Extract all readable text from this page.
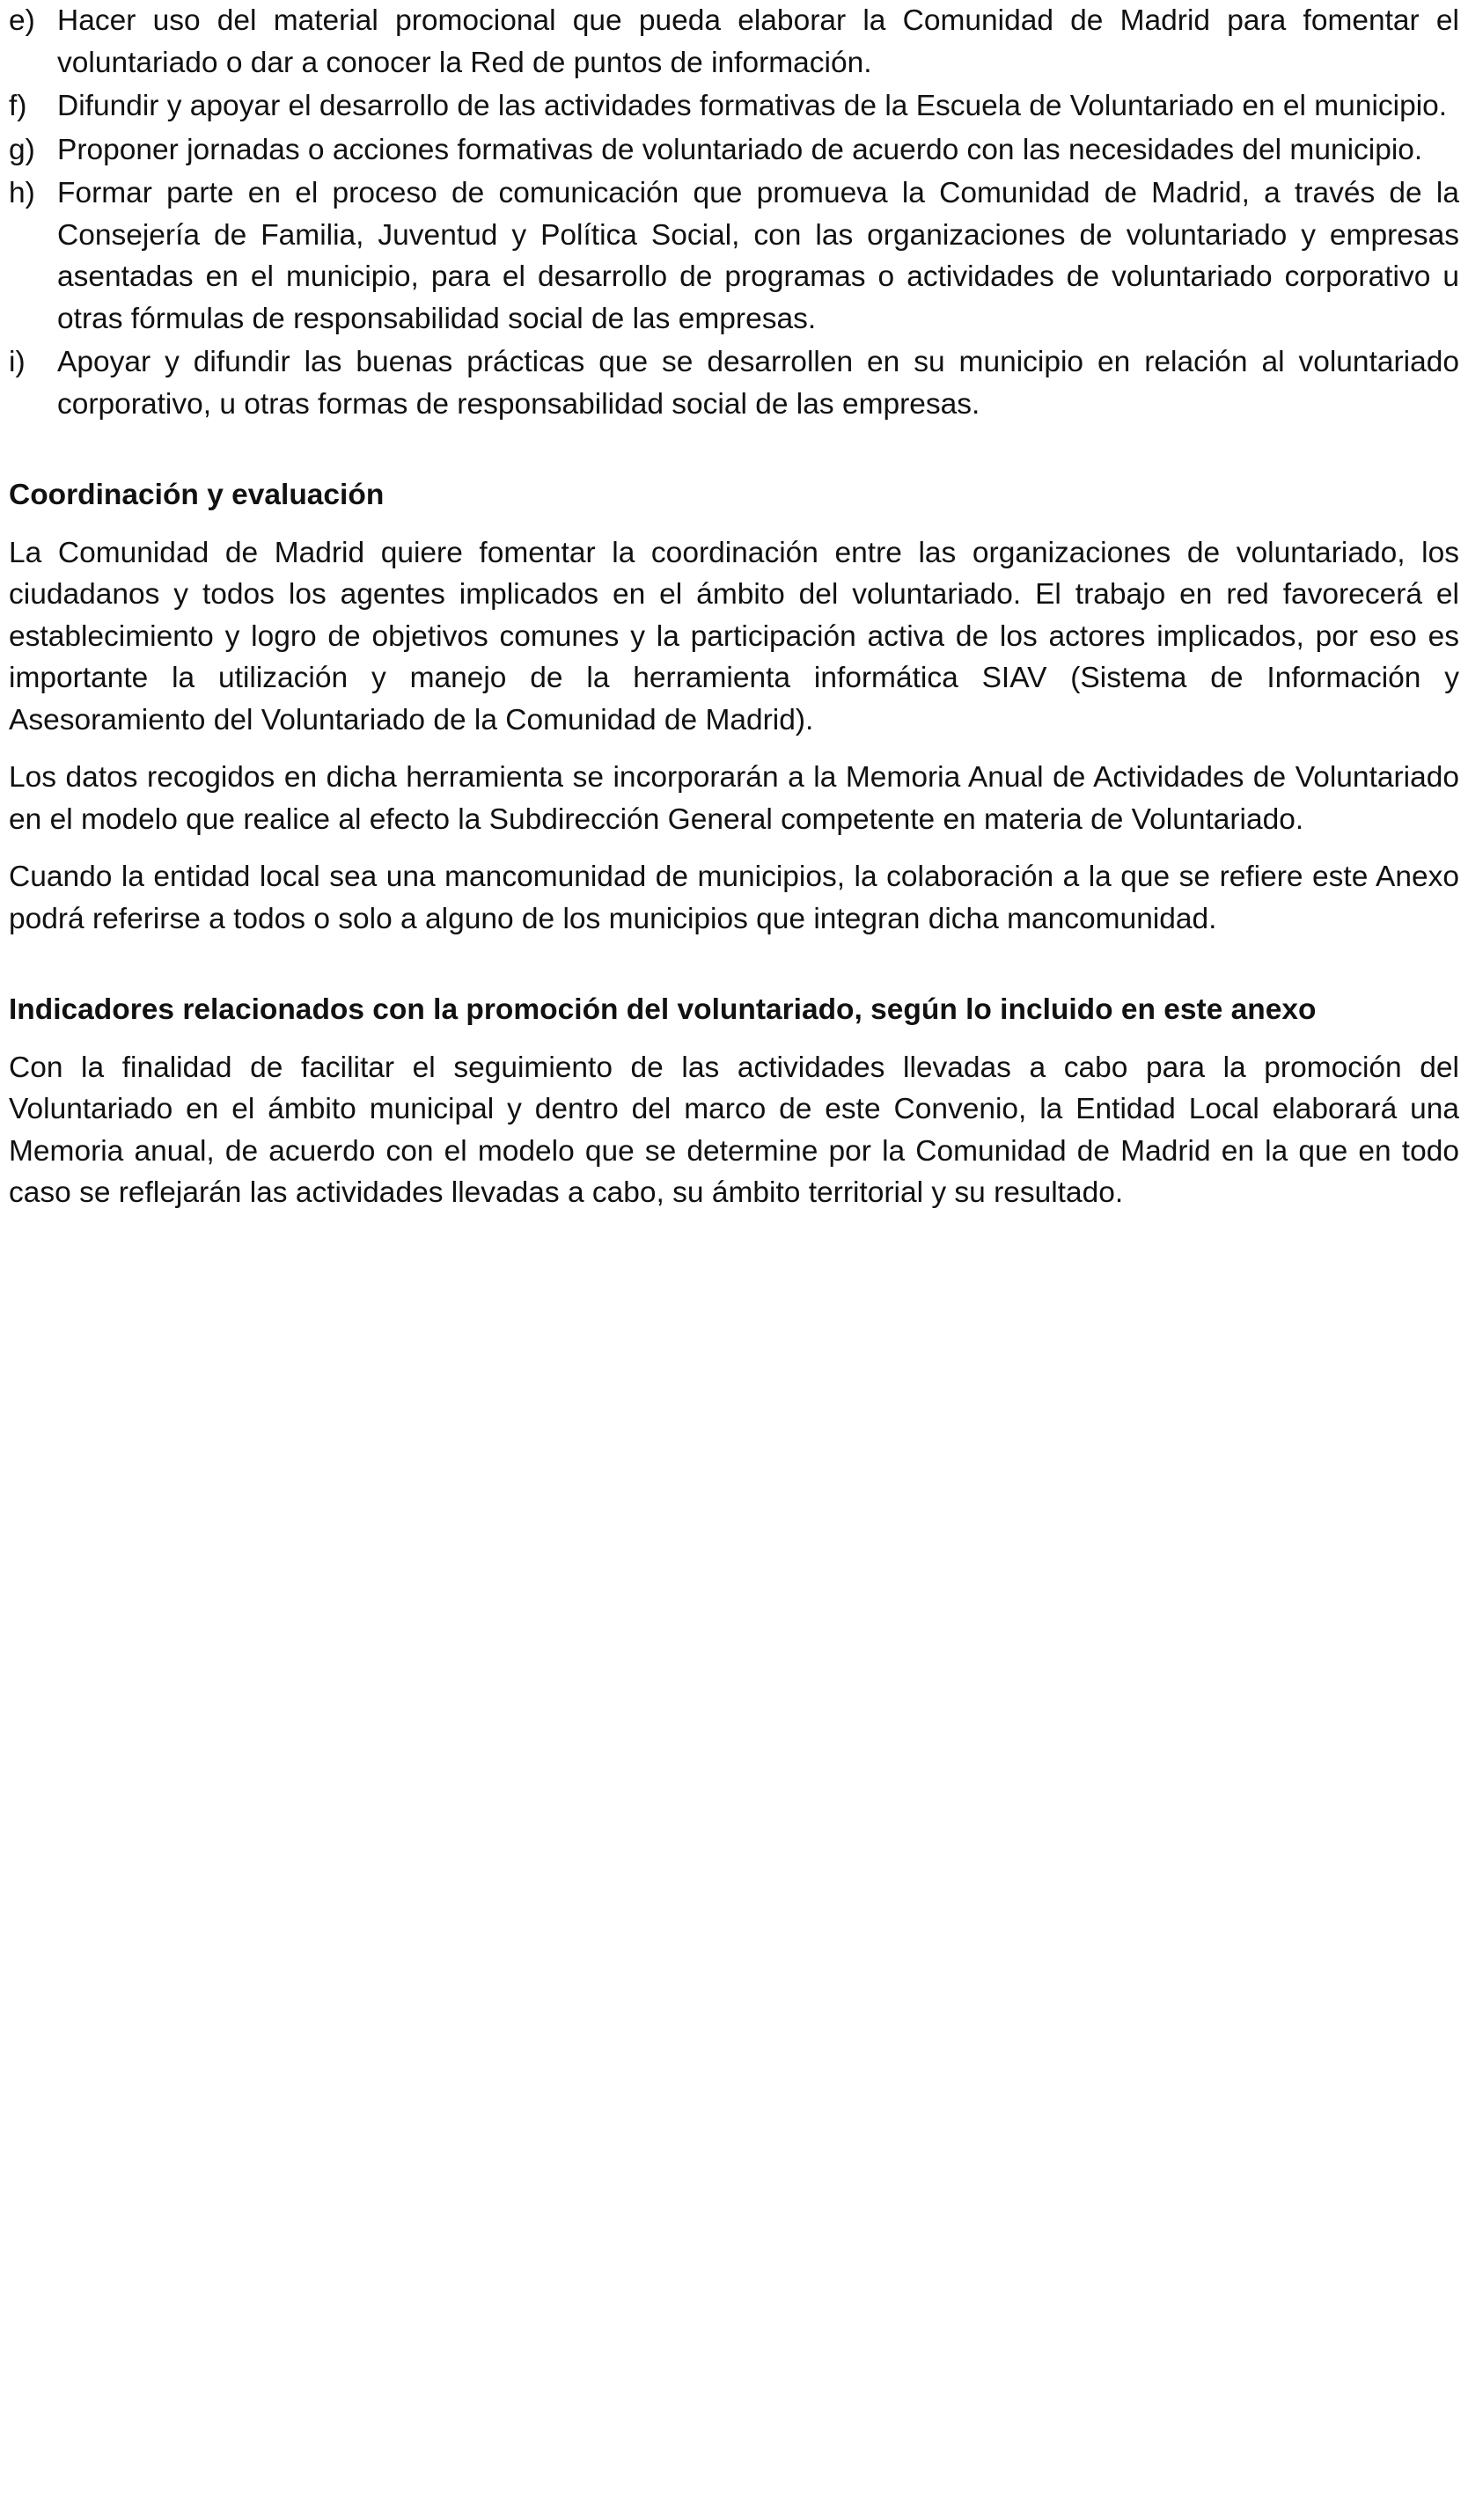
e) Hacer uso del material promocional que pueda elaborar la Comunidad de Madrid para fomentar el voluntariado o dar a conocer la Red de puntos de información.
f)	Difundir y apoyar el desarrollo de las actividades formativas de la Escuela de Voluntariado en el municipio.
g) Proponer jornadas o acciones formativas de voluntariado de acuerdo con las necesidades del municipio.
h) Formar parte en el proceso de comunicación que promueva la Comunidad de Madrid, a través de la Consejería de Familia, Juventud y Política Social, con las organizaciones de voluntariado y empresas asentadas en el municipio, para el desarrollo de programas o actividades de voluntariado corporativo u otras fórmulas de responsabilidad social de las empresas.
i)	Apoyar y difundir las buenas prácticas que se desarrollen en su municipio en relación al voluntariado corporativo, u otras formas de responsabilidad social de las empresas.
Coordinación y evaluación

La Comunidad de Madrid quiere fomentar la coordinación entre las organizaciones de voluntariado, los ciudadanos y todos los agentes implicados en el ámbito del voluntariado. El trabajo en red favorecerá el establecimiento y logro de objetivos comunes y la participación activa de los actores implicados, por eso es importante la utilización y manejo de la herramienta informática SIAV (Sistema de Información y Asesoramiento del Voluntariado de la Comunidad de Madrid).

Los datos recogidos en dicha herramienta se incorporarán a la Memoria Anual de Actividades de Voluntariado en el modelo que realice al efecto la Subdirección General competente en materia de Voluntariado.

Cuando la entidad local sea una mancomunidad de municipios, la colaboración a la que se refiere este Anexo podrá referirse a todos o solo a alguno de los municipios que integran dicha mancomunidad.

Indicadores relacionados con la promoción del voluntariado, según lo incluido en este anexo

Con la finalidad de facilitar el seguimiento de las actividades llevadas a cabo para la promoción del Voluntariado en el ámbito municipal y dentro del marco de este Convenio, la Entidad Local elaborará una Memoria anual, de acuerdo con el modelo que se determine por la Comunidad de Madrid en la que en todo caso se reflejarán las actividades llevadas a cabo, su ámbito territorial y su resultado.
